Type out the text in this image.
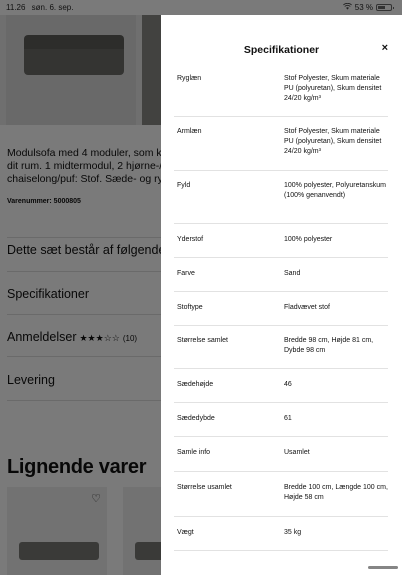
11.26 søn. 6. sep.	53 %
Specifikationer	×
Ryglæn	Stof Polyester, Skum materiale PU (polyuretan), Skum densitet 24/20 kg/m³
Armlæn	Stof Polyester, Skum materiale PU (polyuretan), Skum densitet 24/20 kg/m³
Fyld	100% polyester, Polyuretanskum (100% genanvendt)
Yderstof	100% polyester
Farve	Sand
Stoftype	Fladvævet stof
Størrelse samlet	Bredde 98 cm, Højde 81 cm, Dybde 98 cm
Sædehøjde	46
Sædedybde	61
Samle info	Usamlet
Størrelse usamlet	Bredde 100 cm, Længde 100 cm, Højde 58 cm
Vægt	35 kg
